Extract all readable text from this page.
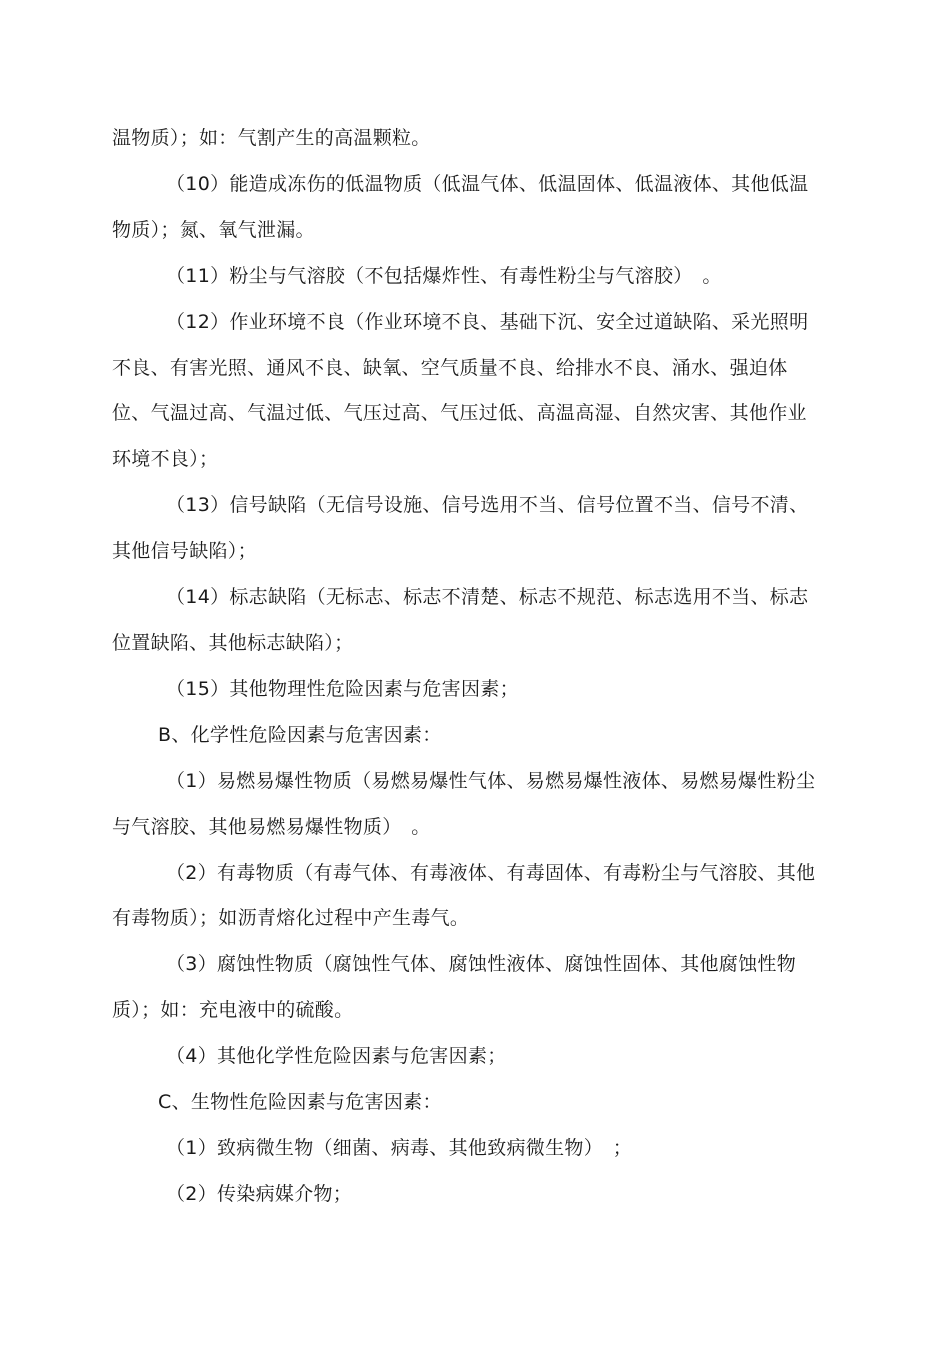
温物质）；如：气割产生的高温颗粒。

（10）能造成冻伤的低温物质（低温气体、低温固体、低温液体、其他低温物质）；氮、氧气泄漏。

（11）粉尘与气溶胶（不包括爆炸性、有毒性粉尘与气溶胶）　。

（12）作业环境不良（作业环境不良、基础下沉、安全过道缺陷、采光照明不良、有害光照、通风不良、缺氧、空气质量不良、给排水不良、涌水、强迫体位、气温过高、气温过低、气压过高、气压过低、高温高湿、自然灾害、其他作业环境不良）；

（13）信号缺陷（无信号设施、信号选用不当、信号位置不当、信号不清、其他信号缺陷）；

（14）标志缺陷（无标志、标志不清楚、标志不规范、标志选用不当、标志位置缺陷、其他标志缺陷）；

（15）其他物理性危险因素与危害因素；

B、化学性危险因素与危害因素：

（1）易燃易爆性物质（易燃易爆性气体、易燃易爆性液体、易燃易爆性粉尘与气溶胶、其他易燃易爆性物质）　。

（2）有毒物质（有毒气体、有毒液体、有毒固体、有毒粉尘与气溶胶、其他有毒物质）；如沥青熔化过程中产生毒气。

（3）腐蚀性物质（腐蚀性气体、腐蚀性液体、腐蚀性固体、其他腐蚀性物质）；如：充电液中的硫酸。

（4）其他化学性危险因素与危害因素；

C、生物性危险因素与危害因素：

（1）致病微生物（细菌、病毒、其他致病微生物）　；

（2）传染病媒介物；
